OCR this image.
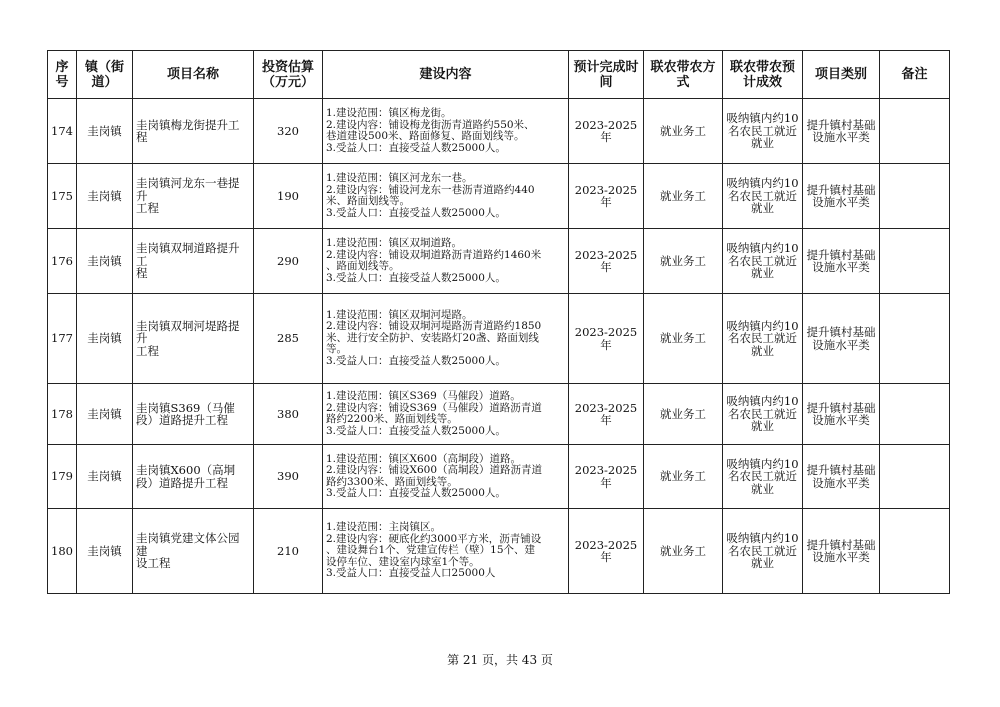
序
号	镇（街
道）	项目名称	投资估算
（万元）	建设内容	预计完成时
间	联农带农方
式	联农带农预
计成效	项目类别	备注

174	圭岗镇	圭岗镇梅龙街提升工程	320	1.建设范围：镇区梅龙街。
2.建设内容：铺设梅龙街沥青道路约550米、
巷道建设500米、路面修复、路面划线等。
3.受益人口：直接受益人数25000人。	2023-2025年	就业务工	吸纳镇内约10
名农民工就近
就业	提升镇村基础
设施水平类	

175	圭岗镇	圭岗镇河龙东一巷提升
工程	190	1.建设范围：镇区河龙东一巷。
2.建设内容：铺设河龙东一巷沥青道路约440
米、路面划线等。
3.受益人口：直接受益人数25000人。	2023-2025年	就业务工	吸纳镇内约10
名农民工就近
就业	提升镇村基础
设施水平类	

176	圭岗镇	圭岗镇双垌道路提升工
程	290	1.建设范围：镇区双垌道路。
2.建设内容：铺设双垌道路沥青道路约1460米
、路面划线等。
3.受益人口：直接受益人数25000人。	2023-2025年	就业务工	吸纳镇内约10
名农民工就近
就业	提升镇村基础
设施水平类	

177	圭岗镇	圭岗镇双垌河堤路提升
工程	285	1.建设范围：镇区双垌河堤路。
2.建设内容：铺设双垌河堤路沥青道路约1850
米、进行安全防护、安装路灯20盏、路面划线
等。
3.受益人口：直接受益人数25000人。	2023-2025年	就业务工	吸纳镇内约10
名农民工就近
就业	提升镇村基础
设施水平类	

178	圭岗镇	圭岗镇S369（马催
段）道路提升工程	380	1.建设范围：镇区S369（马催段）道路。
2.建设内容：铺设S369（马催段）道路沥青道
路约2200米、路面划线等。
3.受益人口：直接受益人数25000人。	2023-2025年	就业务工	吸纳镇内约10
名农民工就近
就业	提升镇村基础
设施水平类	

179	圭岗镇	圭岗镇X600（高垌
段）道路提升工程	390	1.建设范围：镇区X600（高垌段）道路。
2.建设内容：铺设X600（高垌段）道路沥青道
路约3300米、路面划线等。
3.受益人口：直接受益人数25000人。	2023-2025年	就业务工	吸纳镇内约10
名农民工就近
就业	提升镇村基础
设施水平类	

180	圭岗镇	圭岗镇党建文体公园建
设工程	210	1.建设范围：主岗镇区。
2.建设内容：硬底化约3000平方米，沥青铺设
、建设舞台1个、党建宣传栏（壁）15个、建
设停车位、建设室内球室1个等。
3.受益人口：直接受益人口25000人	2023-2025年	就业务工	吸纳镇内约10
名农民工就近
就业	提升镇村基础
设施水平类	

第 21 页，共 43 页
